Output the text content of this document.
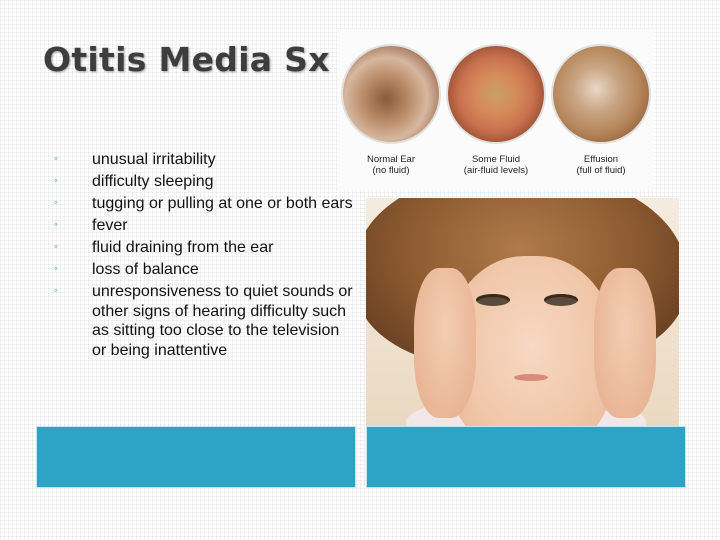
Otitis Media Sx
◦ unusual irritability
◦ difficulty sleeping
◦ tugging or pulling at one or both ears
◦ fever
◦ fluid draining from the ear
◦ loss of balance
◦ unresponsiveness to quiet sounds or other signs of hearing difficulty such as sitting too close to the television or being inattentive
Normal Ear
(no fluid)
Some Fluid
(air-fluid levels)
Effusion
(full of fluid)
